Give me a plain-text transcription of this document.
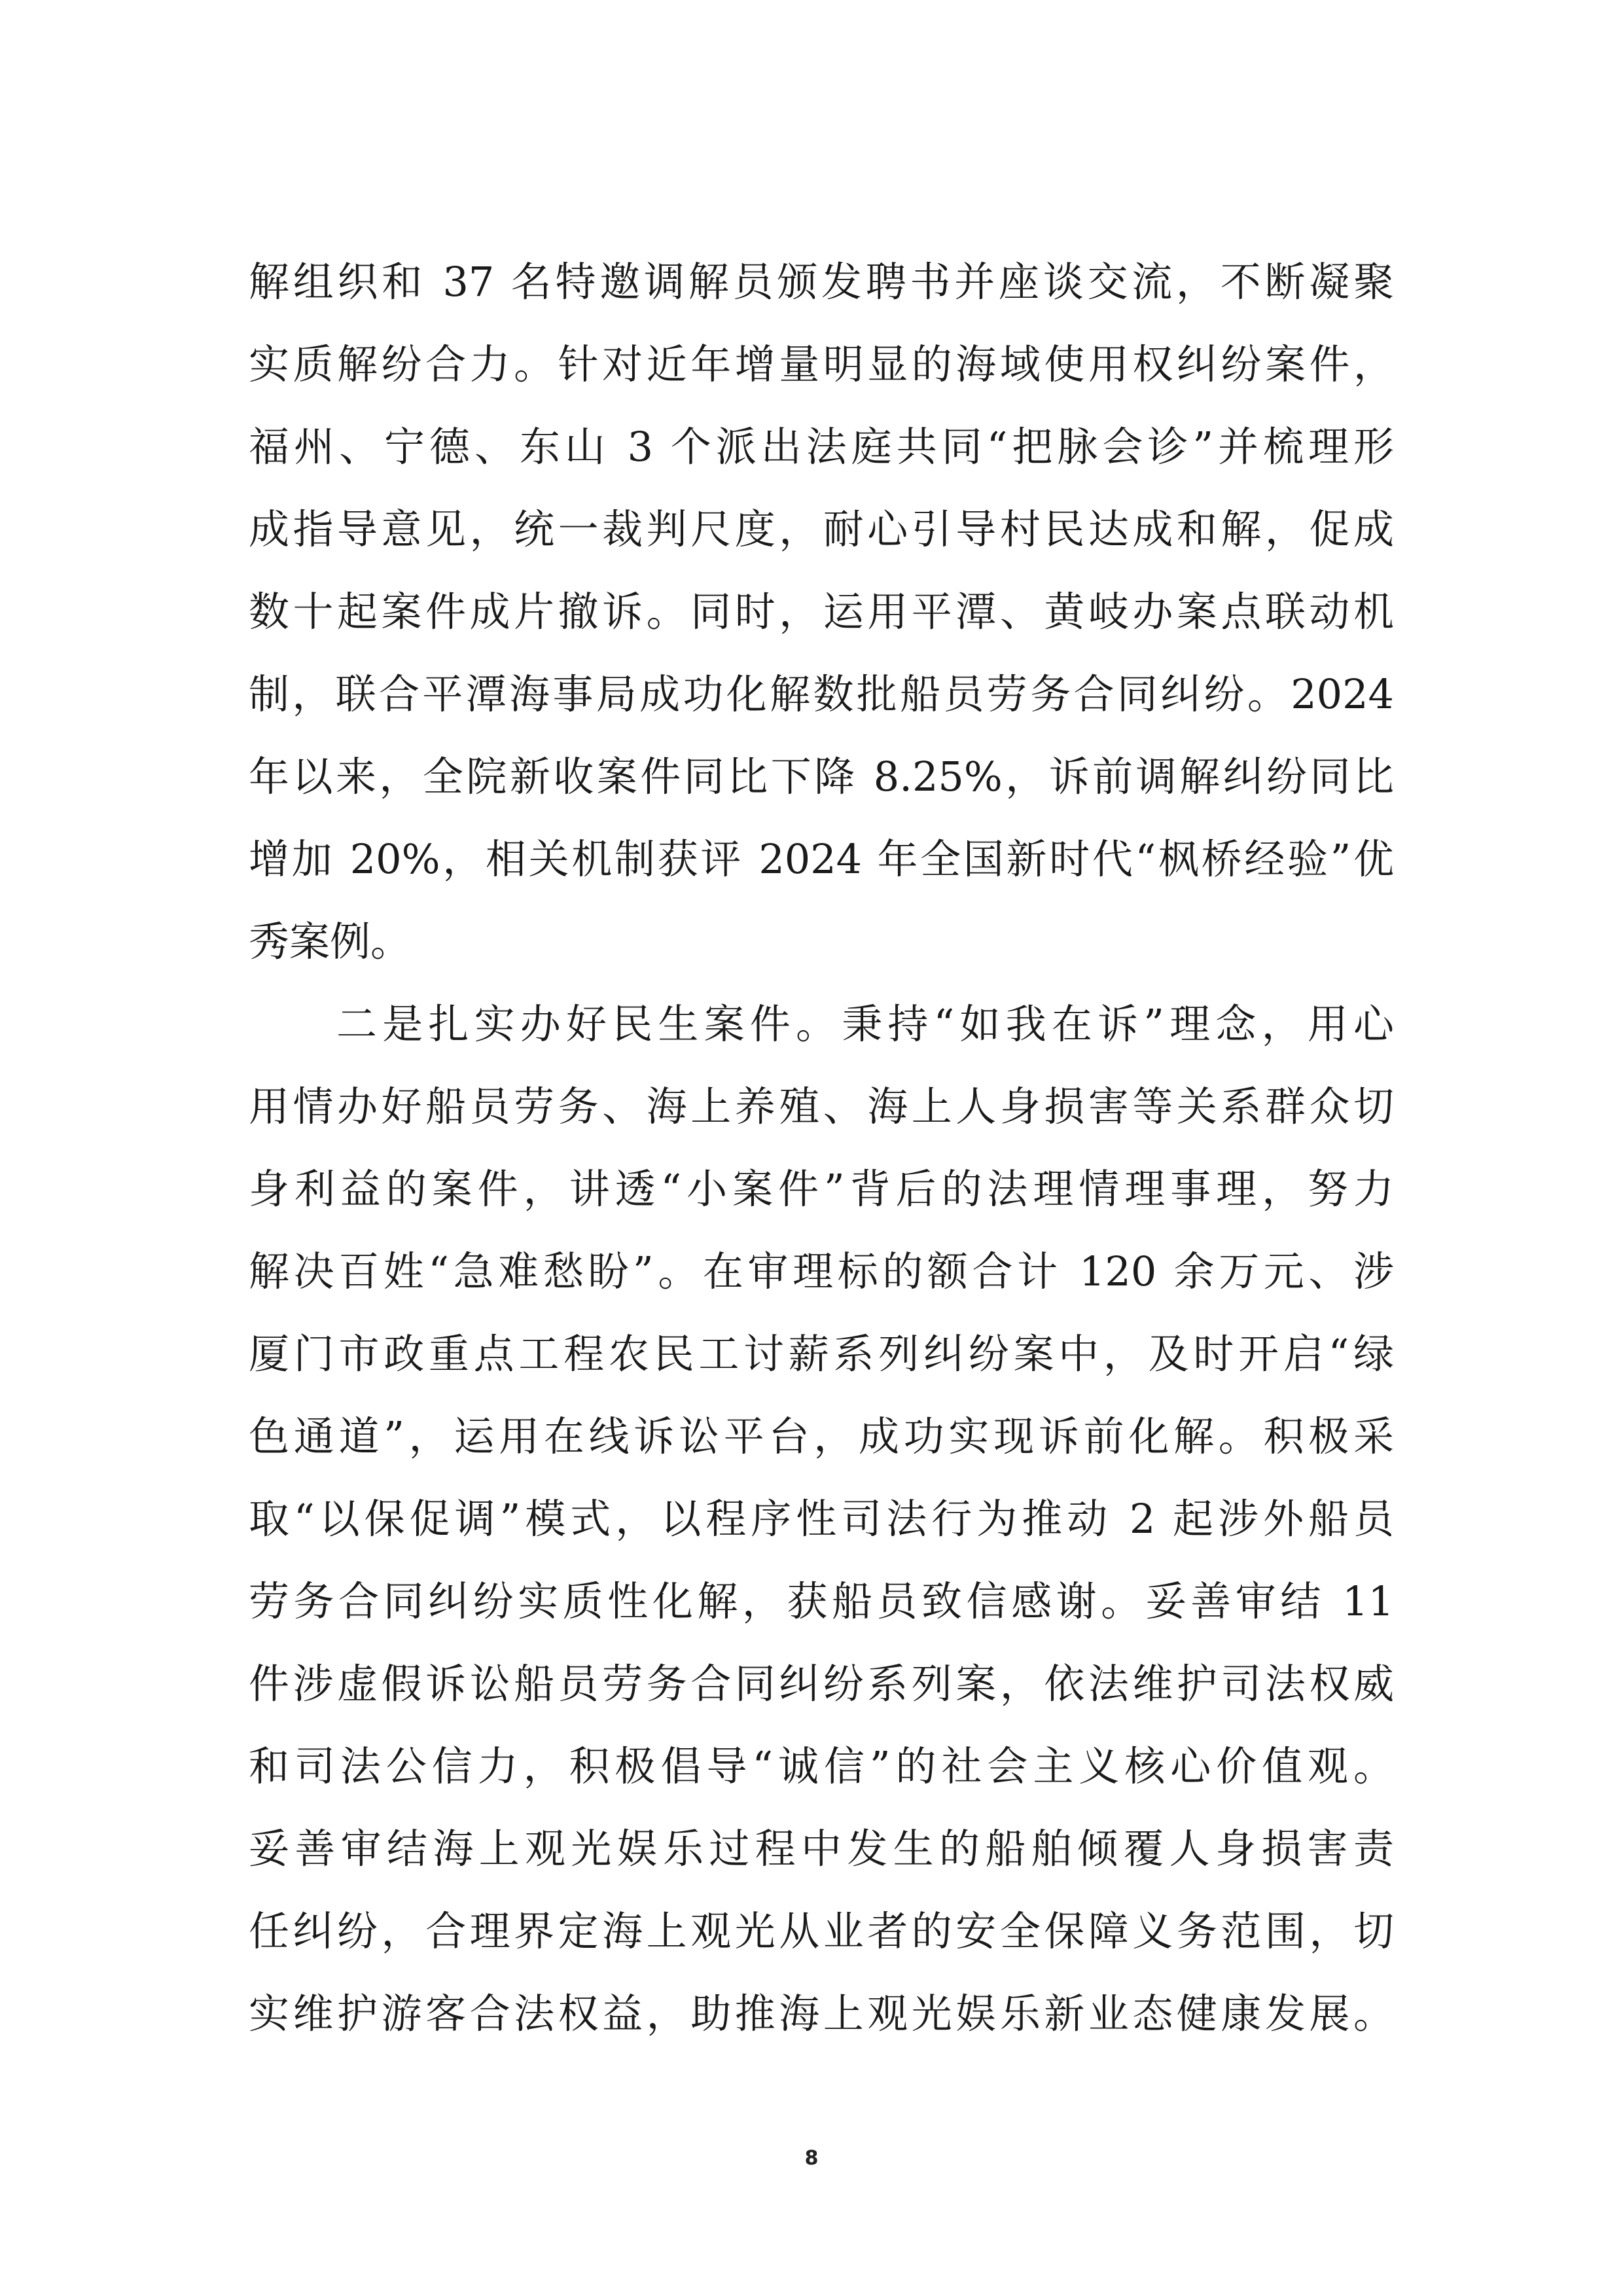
解组织和 37 名特邀调解员颁发聘书并座谈交流，不断凝聚
实质解纷合力。针对近年增量明显的海域使用权纠纷案件，
福州、宁德、东山 3 个派出法庭共同“把脉会诊”并梳理形
成指导意见，统一裁判尺度，耐心引导村民达成和解，促成
数十起案件成片撤诉。同时，运用平潭、黄岐办案点联动机
制，联合平潭海事局成功化解数批船员劳务合同纠纷。2024
年以来，全院新收案件同比下降 8.25%，诉前调解纠纷同比
增加 20%，相关机制获评 2024 年全国新时代“枫桥经验”优
秀案例。
二是扎实办好民生案件。秉持“如我在诉”理念，用心
用情办好船员劳务、海上养殖、海上人身损害等关系群众切
身利益的案件，讲透“小案件”背后的法理情理事理，努力
解决百姓“急难愁盼”。在审理标的额合计 120 余万元、涉
厦门市政重点工程农民工讨薪系列纠纷案中，及时开启“绿
色通道”，运用在线诉讼平台，成功实现诉前化解。积极采
取“以保促调”模式，以程序性司法行为推动 2 起涉外船员
劳务合同纠纷实质性化解，获船员致信感谢。妥善审结 11
件涉虚假诉讼船员劳务合同纠纷系列案，依法维护司法权威
和司法公信力，积极倡导“诚信”的社会主义核心价值观。
妥善审结海上观光娱乐过程中发生的船舶倾覆人身损害责
任纠纷，合理界定海上观光从业者的安全保障义务范围，切
实维护游客合法权益，助推海上观光娱乐新业态健康发展。
8
